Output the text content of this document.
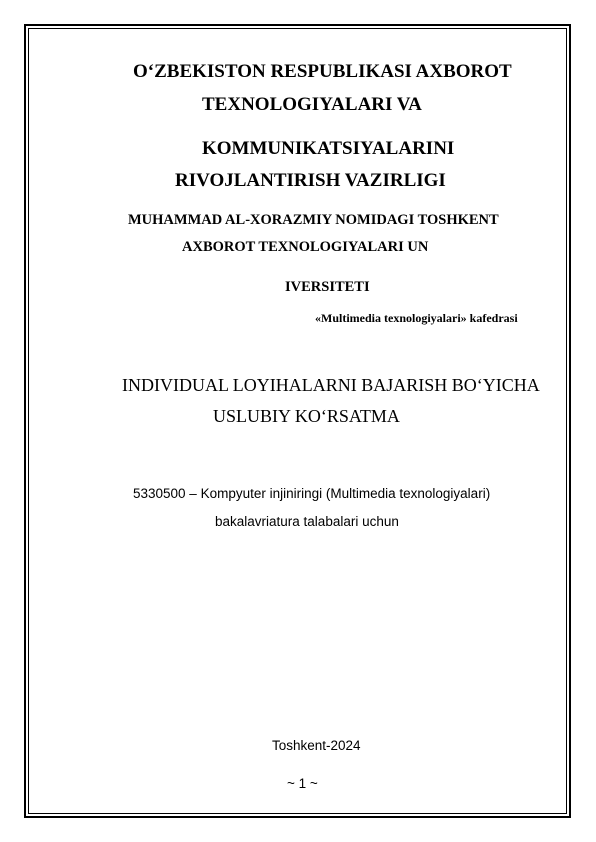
O‘ZBEKISTON RESPUBLIKASI AXBOROT
TEXNOLOGIYALARI VA
KOMMUNIKATSIYALARINI
RIVOJLANTIRISH VAZIRLIGI
MUHAMMAD AL-XORAZMIY NOMIDAGI TOSHKENT
AXBOROT TEXNOLOGIYALARI UN
IVERSITETI
«Multimedia texnologiyalari» kafedrasi
INDIVIDUAL LOYIHALARNI BAJARISH BO‘YICHA
USLUBIY KO‘RSATMA
5330500 – Kompyuter injiniringi (Multimedia texnologiyalari)
bakalavriatura talabalari uchun
Toshkent-2024
~ 1 ~
